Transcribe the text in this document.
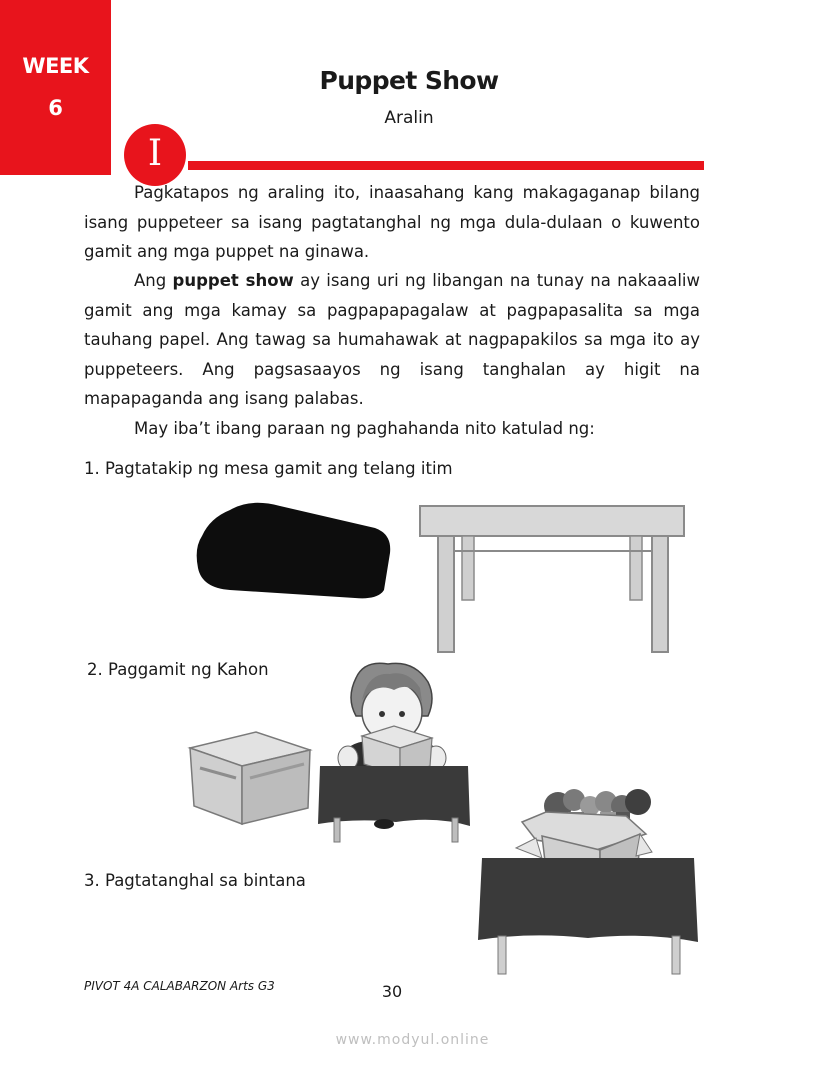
WEEK
6
Puppet Show
Aralin
I

Pagkatapos ng araling ito, inaasahang kang makagaganap bilang isang puppeteer sa isang pagtatanghal ng mga dula-dulaan o kuwento gamit ang mga puppet na ginawa.

Ang puppet show ay isang uri ng libangan na tunay na nakaaaliw gamit ang mga kamay sa pagpapapagalaw at pagpapasalita sa mga tauhang papel. Ang tawag sa humahawak at nagpapakilos sa mga ito ay puppeteers. Ang pagsasaayos ng isang tanghalan ay higit na mapapaganda ang isang palabas.

May iba’t ibang paraan ng paghahanda nito katulad ng:

1. Pagtatakip ng mesa gamit ang telang itim
2. Paggamit ng Kahon
3. Pagtatanghal sa bintana
PIVOT 4A CALABARZON Arts G3	30
www.modyul.online
